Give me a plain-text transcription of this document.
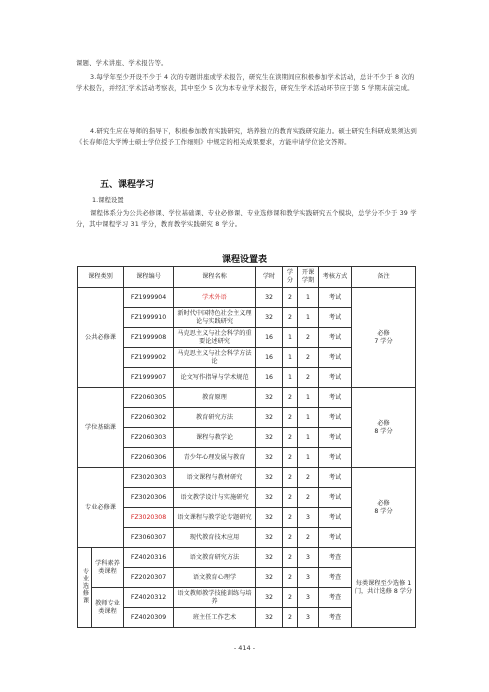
课题、学术讲座、学术报告等。
3.每学年至少开设不少于 4 次的专题讲座或学术报告，研究生在读期间应积极参加学术活动，总计不少于 8 次的学术报告，并经汇学术活动考察表，其中至少 5 次为本专业学术报告，研究生学术活动环节应于第 5 学期末前完成。
4.研究生应在导师的指导下，积极参加教育实践研究，培养独立的教育实践研究能力。硕士研究生科研成果须达到《长春师范大学博士硕士学位授予工作细则》中规定的相关成果要求，方能申请学位论文答辩。
五、课程学习
1.课程设置
课程体系分为公共必修课、学位基础课、专业必修课、专业选修课和教学实践研究五个模块，总学分不少于 39 学分，其中课程学习 31 学分，教育教学实践研究 8 学分。
课程设置表
课程类别		课程编号	课程名称	学时	学分	开课学期	考核方式	备注
公共必修课		FZ1999904	学术外语	32	2	1	考试	必修
7 学分
		FZ1999910	新时代中国特色社会主义理论与实践研究	32	2	1	考试	
		FZ1999908	马克思主义与社会科学的重要论述研究	16	1	2	考试	
		FZ1999902	马克思主义与社会科学方法论	16	1	2	考试	
		FZ1999907	论文写作指导与学术规范	16	1	2	考试	
学位基础课		FZ2060305	教育原理	32	2	1	考试	必修
8 学分
		FZ2060302	教育研究方法	32	2	1	考试	
		FZ2060303	课程与教学论	32	2	1	考试	
		FZ2060306	青少年心理发展与教育	32	2	1	考试	
专业必修课		FZ3020303	语文课程与教材研究	32	2	2	考试	必修
8 学分
		FZ3020306	语文教学设计与实施研究	32	2	2	考试	
		FZ3020308	语文课程与教学论专题研究	32	2	3	考试	
		FZ3060307	现代教育技术应用	32	2	2	考试	
专业选修课	学科素养类课程	FZ4020316	语文教育研究方法	32	2	3	考查	每类课程至少选修 1 门，共计选修 8 学分
		FZ2020307	语文教育心理学	32	2	3	考查	
	教师专业类课程	FZ4020312	语文教师教学技能训练与培养	32	2	3	考查	
		FZ4020309	班主任工作艺术	32	2	3	考查	
- 414 -
